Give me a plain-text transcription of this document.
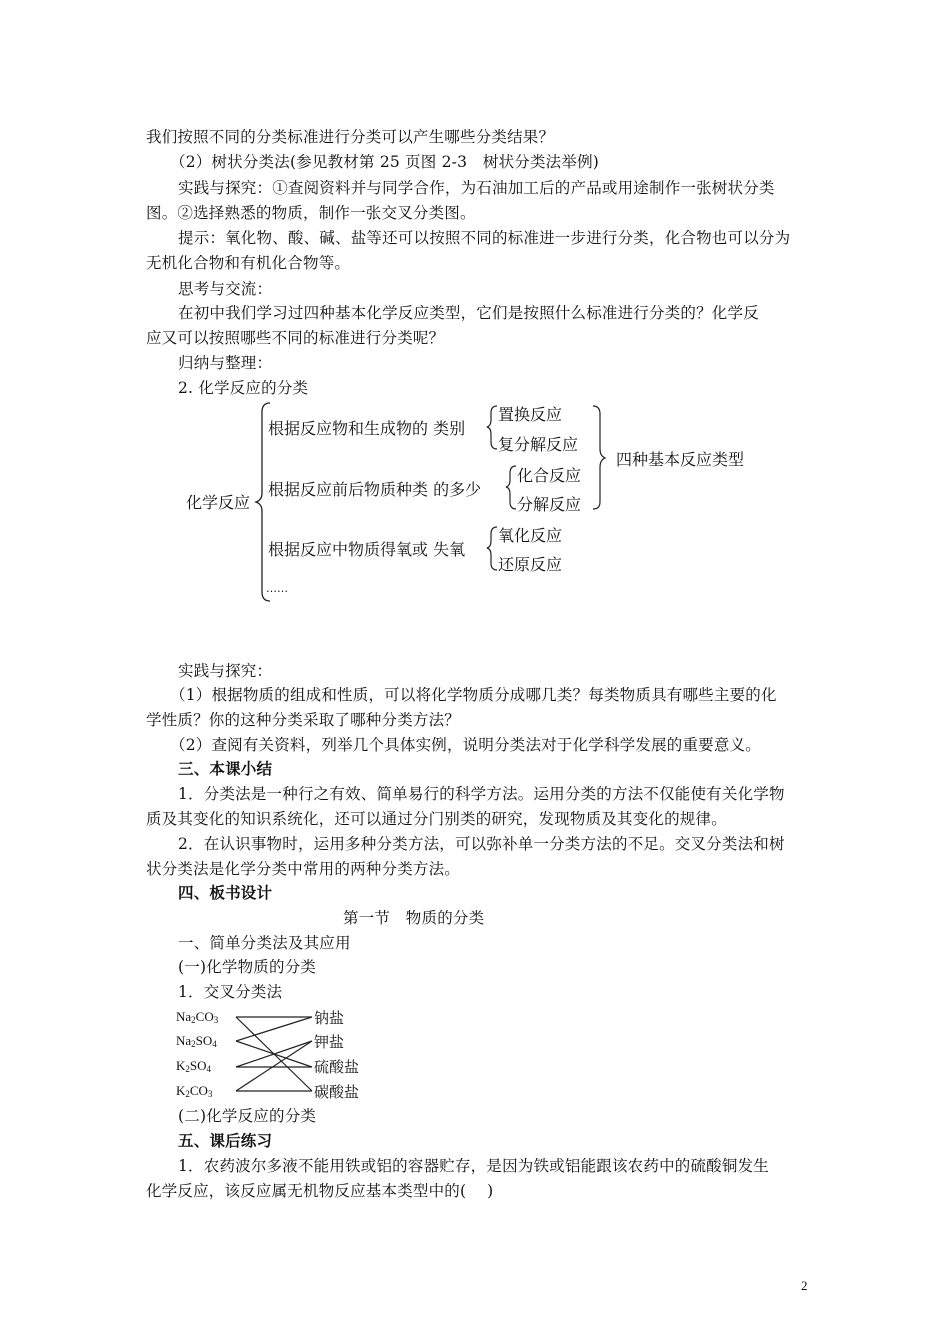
我们按照不同的分类标准进行分类可以产生哪些分类结果？
（2）树状分类法(参见教材第 25 页图 2-3　树状分类法举例)
实践与探究：①查阅资料并与同学合作，为石油加工后的产品或用途制作一张树状分类
图。②选择熟悉的物质，制作一张交叉分类图。
提示：氧化物、酸、碱、盐等还可以按照不同的标准进一步进行分类，化合物也可以分为
无机化合物和有机化合物等。
思考与交流：
在初中我们学习过四种基本化学反应类型，它们是按照什么标准进行分类的？化学反
应又可以按照哪些不同的标准进行分类呢？
归纳与整理：
2. 化学反应的分类
化学反应
根据反应物和生成物的 类别
置换反应
复分解反应
根据反应前后物质种类 的多少
化合反应
分解反应
四种基本反应类型
根据反应中物质得氧或 失氧
氧化反应
还原反应
……
实践与探究：
（1）根据物质的组成和性质，可以将化学物质分成哪几类？每类物质具有哪些主要的化
学性质？你的这种分类采取了哪种分类方法？
（2）查阅有关资料，列举几个具体实例，说明分类法对于化学科学发展的重要意义。
三、本课小结
1．分类法是一种行之有效、简单易行的科学方法。运用分类的方法不仅能使有关化学物
质及其变化的知识系统化，还可以通过分门别类的研究，发现物质及其变化的规律。
2．在认识事物时，运用多种分类方法，可以弥补单一分类方法的不足。交叉分类法和树
状分类法是化学分类中常用的两种分类方法。
四、板书设计
第一节　物质的分类
一、简单分类法及其应用
(一)化学物质的分类
1．交叉分类法
$Na_2CO_3$
$Na_2SO_4$
$K_2SO_4$
$K_2CO_3$
钠盐
钾盐
硫酸盐
碳酸盐
(二)化学反应的分类
五、课后练习
1．农药波尔多液不能用铁或铝的容器贮存，是因为铁或铝能跟该农药中的硫酸铜发生
化学反应，该反应属无机物反应基本类型中的(　 )
2
